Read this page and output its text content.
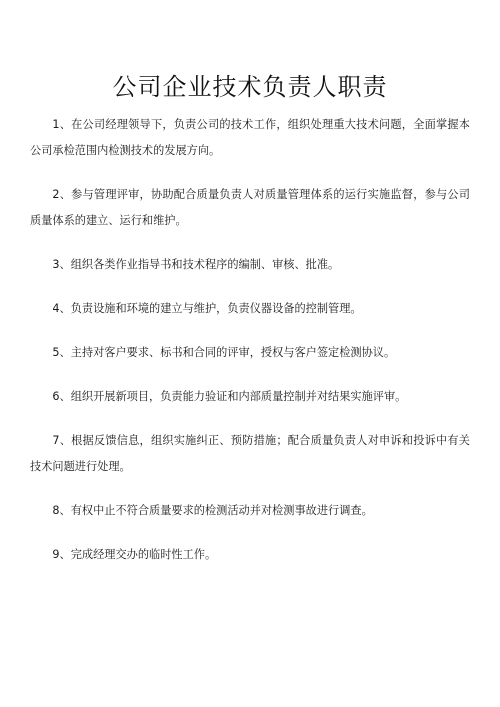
公司企业技术负责人职责

1、在公司经理领导下，负责公司的技术工作，组织处理重大技术问题，全面掌握本公司承检范围内检测技术的发展方向。

2、参与管理评审，协助配合质量负责人对质量管理体系的运行实施监督，参与公司质量体系的建立、运行和维护。

3、组织各类作业指导书和技术程序的编制、审核、批准。

4、负责设施和环境的建立与维护，负责仪器设备的控制管理。

5、主持对客户要求、标书和合同的评审，授权与客户签定检测协议。

6、组织开展新项目，负责能力验证和内部质量控制并对结果实施评审。

7、根据反馈信息，组织实施纠正、预防措施；配合质量负责人对申诉和投诉中有关技术问题进行处理。

8、有权中止不符合质量要求的检测活动并对检测事故进行调查。

9、完成经理交办的临时性工作。
